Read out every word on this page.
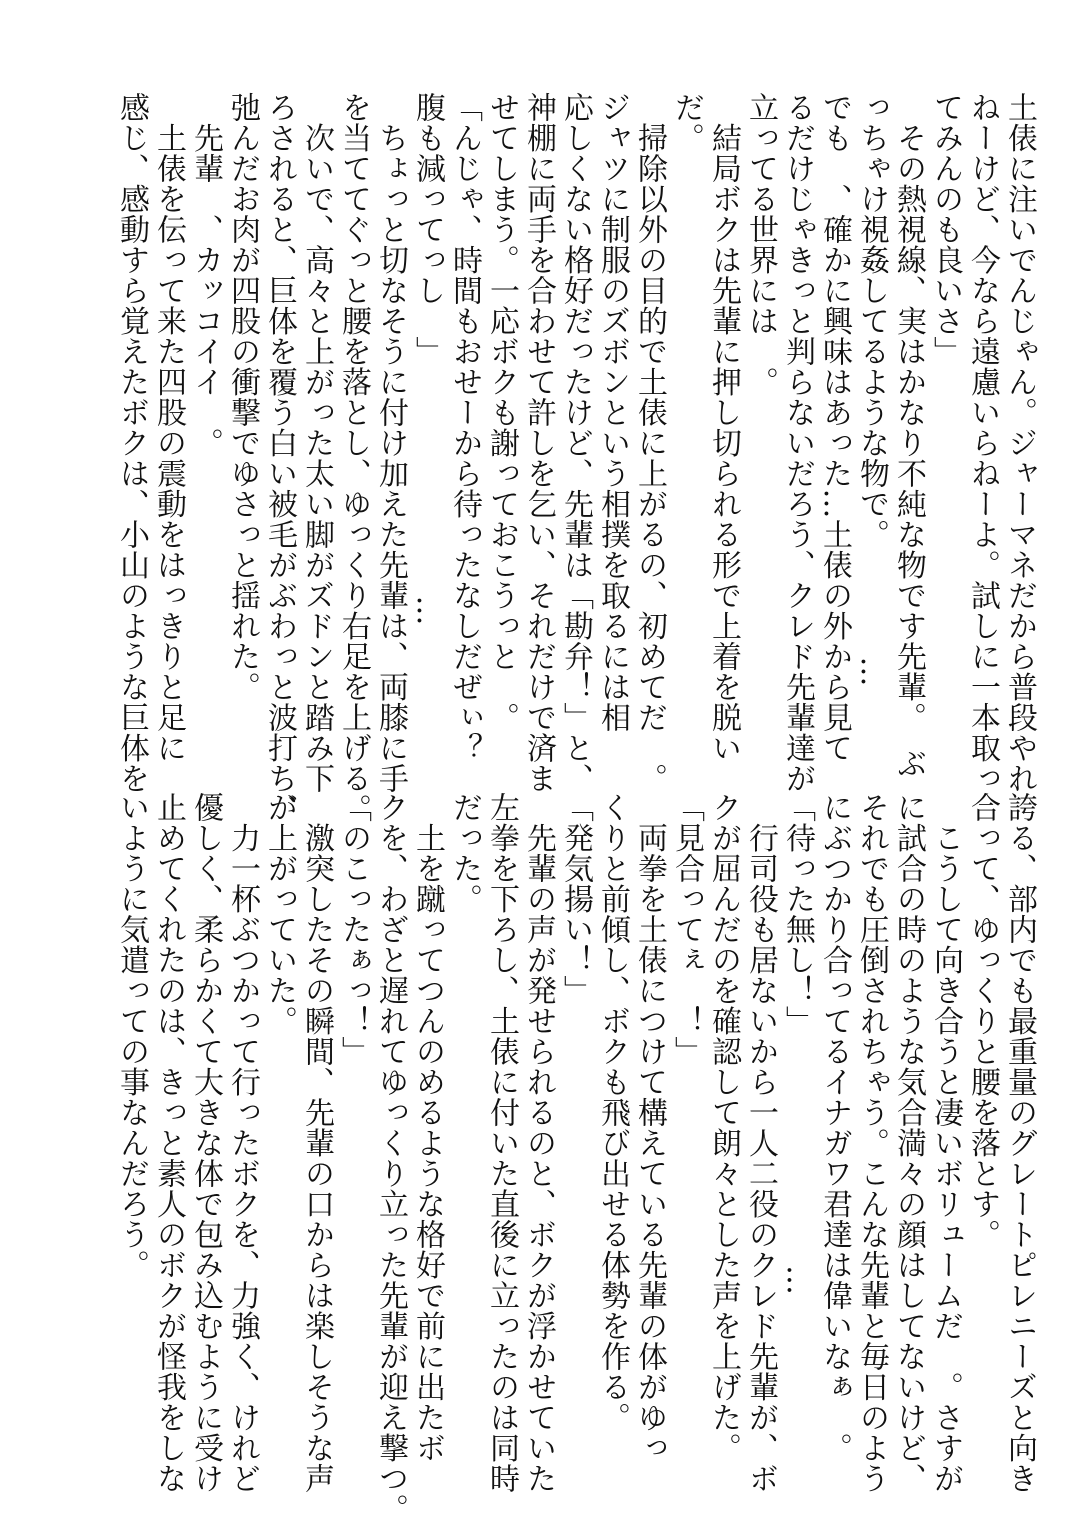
土俵に注いでんじゃん。ジャーマネだから普段やれ
ねーけど、今なら遠慮いらねーよ。試しに一本取っ
てみんのも良いさ」
　その熱視線、実はかなり不純な物です先輩。　ぶ
っちゃけ視姦してるような物で。　　　　…
でも　、確かに興味はあった…土俵の外から見て
るだけじゃきっと判らないだろう、クレド先輩達が
立ってる世界には　。
　結局ボクは先輩に押し切られる形で上着を脱い
だ。
　掃除以外の目的で土俵に上がるの、初めてだ　。
ジャツに制服のズボンという相撲を取るには相
応しくない格好だったけど、先輩は「勘弁！」と、
神棚に両手を合わせて許しを乞い、それだけで済ま
せてしまう。一応ボクも謝っておこうっと　。
「んじゃ、時間もおせーから待ったなしだぜぃ？
腹も減ってっし　」　　　　　　　　…
　ちょっと切なそうに付け加えた先輩は、両膝に手
を当ててぐっと腰を落とし、ゆっくり右足を上げる。
　次いで、高々と上がった太い脚がズドンと踏み下
ろされると、巨体を覆う白い被毛がぶわっと波打ち、
弛んだお肉が四股の衝撃でゆさっと揺れた。
　先輩　、カッコイイ　。
　土俵を伝って来た四股の震動をはっきりと足に
感じ、感動すら覚えたボクは、小山のような巨体を
誇る、部内でも最重量のグレートピレニーズと向き
合って、ゆっくりと腰を落とす。
　こうして向き合うと凄いボリュームだ　。さすが
に試合の時のような気合満々の顔はしてないけど、
それでも圧倒されちゃう。こんな先輩と毎日のよう
にぶつかり合ってるイナガワ君達は偉いなぁ　。
「待った無し！」　　　　　　　　…
　行司役も居ないから一人二役のクレド先輩が、ボ
クが屈んだのを確認して朗々とした声を上げた。
「見合ってぇ　！」
　両拳を土俵につけて構えている先輩の体がゆっ
くりと前傾し、ボクも飛び出せる体勢を作る。
「発気揚い！」
　先輩の声が発せられるのと、ボクが浮かせていた
左拳を下ろし、土俵に付いた直後に立ったのは同時
だった。
　土を蹴ってつんのめるような格好で前に出たボ
クを、わざと遅れてゆっくり立った先輩が迎え撃つ。
「のこったぁっ！」
　激突したその瞬間、先輩の口からは楽しそうな声
が上がっていた。
　力一杯ぶつかって行ったボクを、力強く、けれど
優しく、柔らかくて大きな体で包み込むように受け
止めてくれたのは、きっと素人のボクが怪我をしな
いように気遣っての事なんだろう。
